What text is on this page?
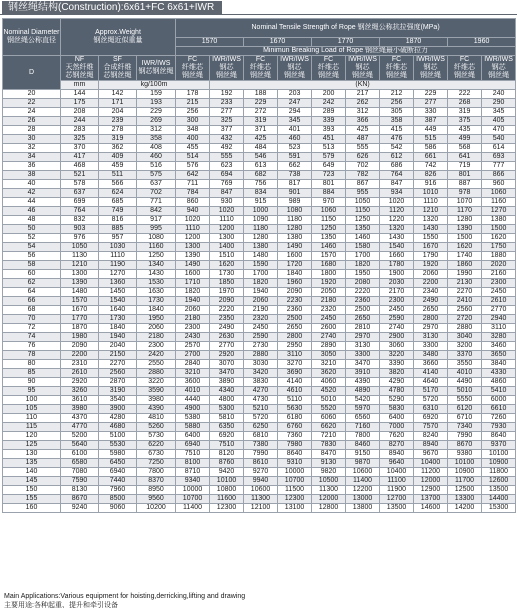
钢丝绳结构(Construction):6x61+FC 6x61+IWR
Nominal Diameter
钢丝绳公称直径	Approx.Weight
钢丝绳近似重量			Nominal Tensile Strength of Rope 钢丝绳公称抗拉强度(MPa)									
				1570		1670		1770		1870		1960	
				Minimun Breaking Load of Rope 钢丝绳最小破断拉力									
D	NF
天然纤维
芯钢丝绳	SF
合成纤维
芯钢丝绳	IWR/IWS
钢芯钢丝绳	FC
纤维芯
钢丝绳	IWR/IWS
钢芯
钢丝绳	FC
纤维芯
钢丝绳	IWR/IWS
钢芯
钢丝绳	FC
纤维芯
钢丝绳	IWR/IWS
钢芯
钢丝绳	FC
纤维芯
钢丝绳	IWR/IWS
钢芯
钢丝绳	FC
纤维芯
钢丝绳	IWR/IWS
钢芯
钢丝绳

	mm	kg/100m			(KN)								
20	144	142	159	178	192	188	203	200	217	212	229	222	240
22	175	171	193	215	233	229	247	242	262	256	277	268	290
24	208	204	229	256	277	272	294	289	312	305	330	319	345
26	244	239	269	300	325	319	345	339	366	358	387	375	405
28	283	278	312	348	377	371	401	393	425	415	449	435	470
30	325	319	358	400	432	425	460	451	487	476	515	499	540
32	370	362	408	455	492	484	523	513	555	542	586	568	614
34	417	409	460	514	555	546	591	579	626	612	661	641	693
36	468	459	516	576	623	613	662	649	702	686	742	719	777
38	521	511	575	642	694	682	738	723	782	764	826	801	866
40	578	566	637	711	769	756	817	801	867	847	916	887	960
42	637	624	702	784	847	834	901	884	955	934	1010	978	1060
44	699	685	771	860	930	915	989	970	1050	1020	1110	1070	1160
46	764	749	842	940	1020	1000	1080	1060	1150	1120	1210	1170	1270
48	832	816	917	1020	1110	1090	1180	1150	1250	1220	1320	1280	1380
50	903	885	995	1110	1200	1180	1280	1250	1350	1320	1430	1390	1500
52	976	957	1080	1200	1300	1280	1380	1350	1460	1430	1550	1500	1620
54	1050	1030	1160	1300	1400	1380	1490	1460	1580	1540	1670	1620	1750
56	1130	1110	1250	1390	1510	1480	1600	1570	1700	1660	1790	1740	1880
58	1210	1190	1340	1490	1620	1590	1720	1680	1820	1780	1920	1860	2020
60	1300	1270	1430	1600	1730	1700	1840	1800	1950	1900	2060	1990	2160
62	1390	1360	1530	1710	1850	1820	1960	1920	2080	2030	2200	2130	2300
64	1480	1450	1630	1820	1970	1940	2090	2050	2220	2170	2340	2270	2450
66	1570	1540	1730	1940	2090	2060	2230	2180	2360	2300	2490	2410	2610
68	1670	1640	1840	2060	2220	2190	2360	2320	2500	2450	2650	2560	2770
70	1770	1730	1950	2180	2350	2320	2500	2450	2650	2590	2800	2720	2940
72	1870	1840	2060	2300	2490	2450	2650	2600	2810	2740	2970	2880	3110
74	1980	1940	2180	2430	2630	2590	2800	2740	2970	2900	3130	3040	3280
76	2090	2040	2300	2570	2770	2730	2950	2890	3130	3060	3300	3200	3460
78	2200	2150	2420	2700	2920	2880	3110	3050	3300	3220	3480	3370	3650
80	2310	2270	2550	2840	3070	3030	3270	3210	3470	3390	3660	3550	3840
85	2610	2560	2880	3210	3470	3420	3690	3620	3910	3820	4140	4010	4330
90	2920	2870	3220	3600	3890	3830	4140	4060	4390	4290	4640	4490	4860
95	3260	3190	3590	4010	4340	4270	4610	4520	4890	4780	5170	5010	5410
100	3610	3540	3980	4440	4800	4730	5110	5010	5420	5290	5720	5550	6000
105	3980	3900	4390	4900	5300	5210	5630	5520	5970	5830	6310	6120	6610
110	4370	4280	4810	5380	5810	5720	6180	6060	6560	6400	6920	6710	7260
115	4770	4680	5260	5880	6350	6250	6760	6620	7160	7000	7570	7340	7930
120	5200	5100	5730	6400	6920	6810	7360	7210	7800	7620	8240	7990	8640
125	5640	5530	6220	6940	7510	7380	7980	7830	8460	8270	8940	8670	9370
130	6100	5980	6730	7510	8120	7990	8640	8470	9150	8940	9670	9380	10100
135	6580	6450	7250	8100	8760	8610	9310	9130	9870	9640	10400	10100	10900
140	7080	6940	7800	8710	9420	9270	10000	9820	10600	10400	11200	10900	11800
145	7590	7440	8370	9340	10100	9940	10700	10500	11400	11100	12000	11700	12600
150	8130	7960	8950	10000	10800	10600	11500	11300	12200	11900	12900	12500	13500
155	8670	8500	9560	10700	11600	11300	12300	12000	13000	12700	13700	13300	14400
160	9240	9060	10200	11400	12300	12100	13100	12800	13800	13500	14600	14200	15300
Main Applications:Various equipment for hoisting,derricking,lifting and drawing
主要用途:各种起重、提升和牵引设备
